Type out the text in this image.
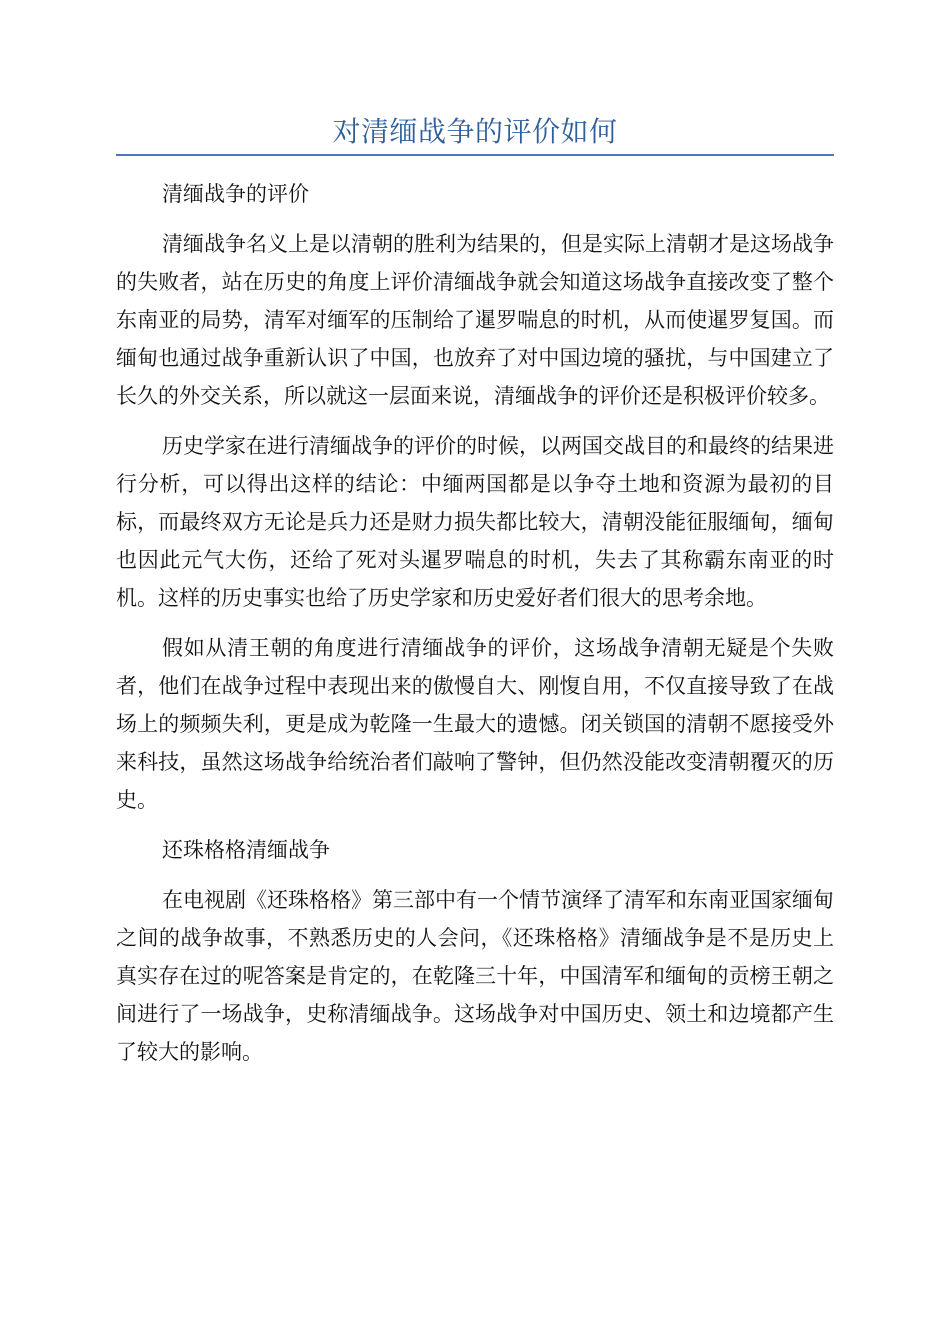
对清缅战争的评价如何
清缅战争的评价

清缅战争名义上是以清朝的胜利为结果的，但是实际上清朝才是这场战争的失败者，站在历史的角度上评价清缅战争就会知道这场战争直接改变了整个东南亚的局势，清军对缅军的压制给了暹罗喘息的时机，从而使暹罗复国。而缅甸也通过战争重新认识了中国，也放弃了对中国边境的骚扰，与中国建立了长久的外交关系，所以就这一层面来说，清缅战争的评价还是积极评价较多。

历史学家在进行清缅战争的评价的时候，以两国交战目的和最终的结果进行分析，可以得出这样的结论：中缅两国都是以争夺土地和资源为最初的目标，而最终双方无论是兵力还是财力损失都比较大，清朝没能征服缅甸，缅甸也因此元气大伤，还给了死对头暹罗喘息的时机，失去了其称霸东南亚的时机。这样的历史事实也给了历史学家和历史爱好者们很大的思考余地。

假如从清王朝的角度进行清缅战争的评价，这场战争清朝无疑是个失败者，他们在战争过程中表现出来的傲慢自大、刚愎自用，不仅直接导致了在战场上的频频失利，更是成为乾隆一生最大的遗憾。闭关锁国的清朝不愿接受外来科技，虽然这场战争给统治者们敲响了警钟，但仍然没能改变清朝覆灭的历史。

还珠格格清缅战争

在电视剧《还珠格格》第三部中有一个情节演绎了清军和东南亚国家缅甸之间的战争故事，不熟悉历史的人会问，《还珠格格》清缅战争是不是历史上真实存在过的呢答案是肯定的，在乾隆三十年，中国清军和缅甸的贡榜王朝之间进行了一场战争，史称清缅战争。这场战争对中国历史、领土和边境都产生了较大的影响。
